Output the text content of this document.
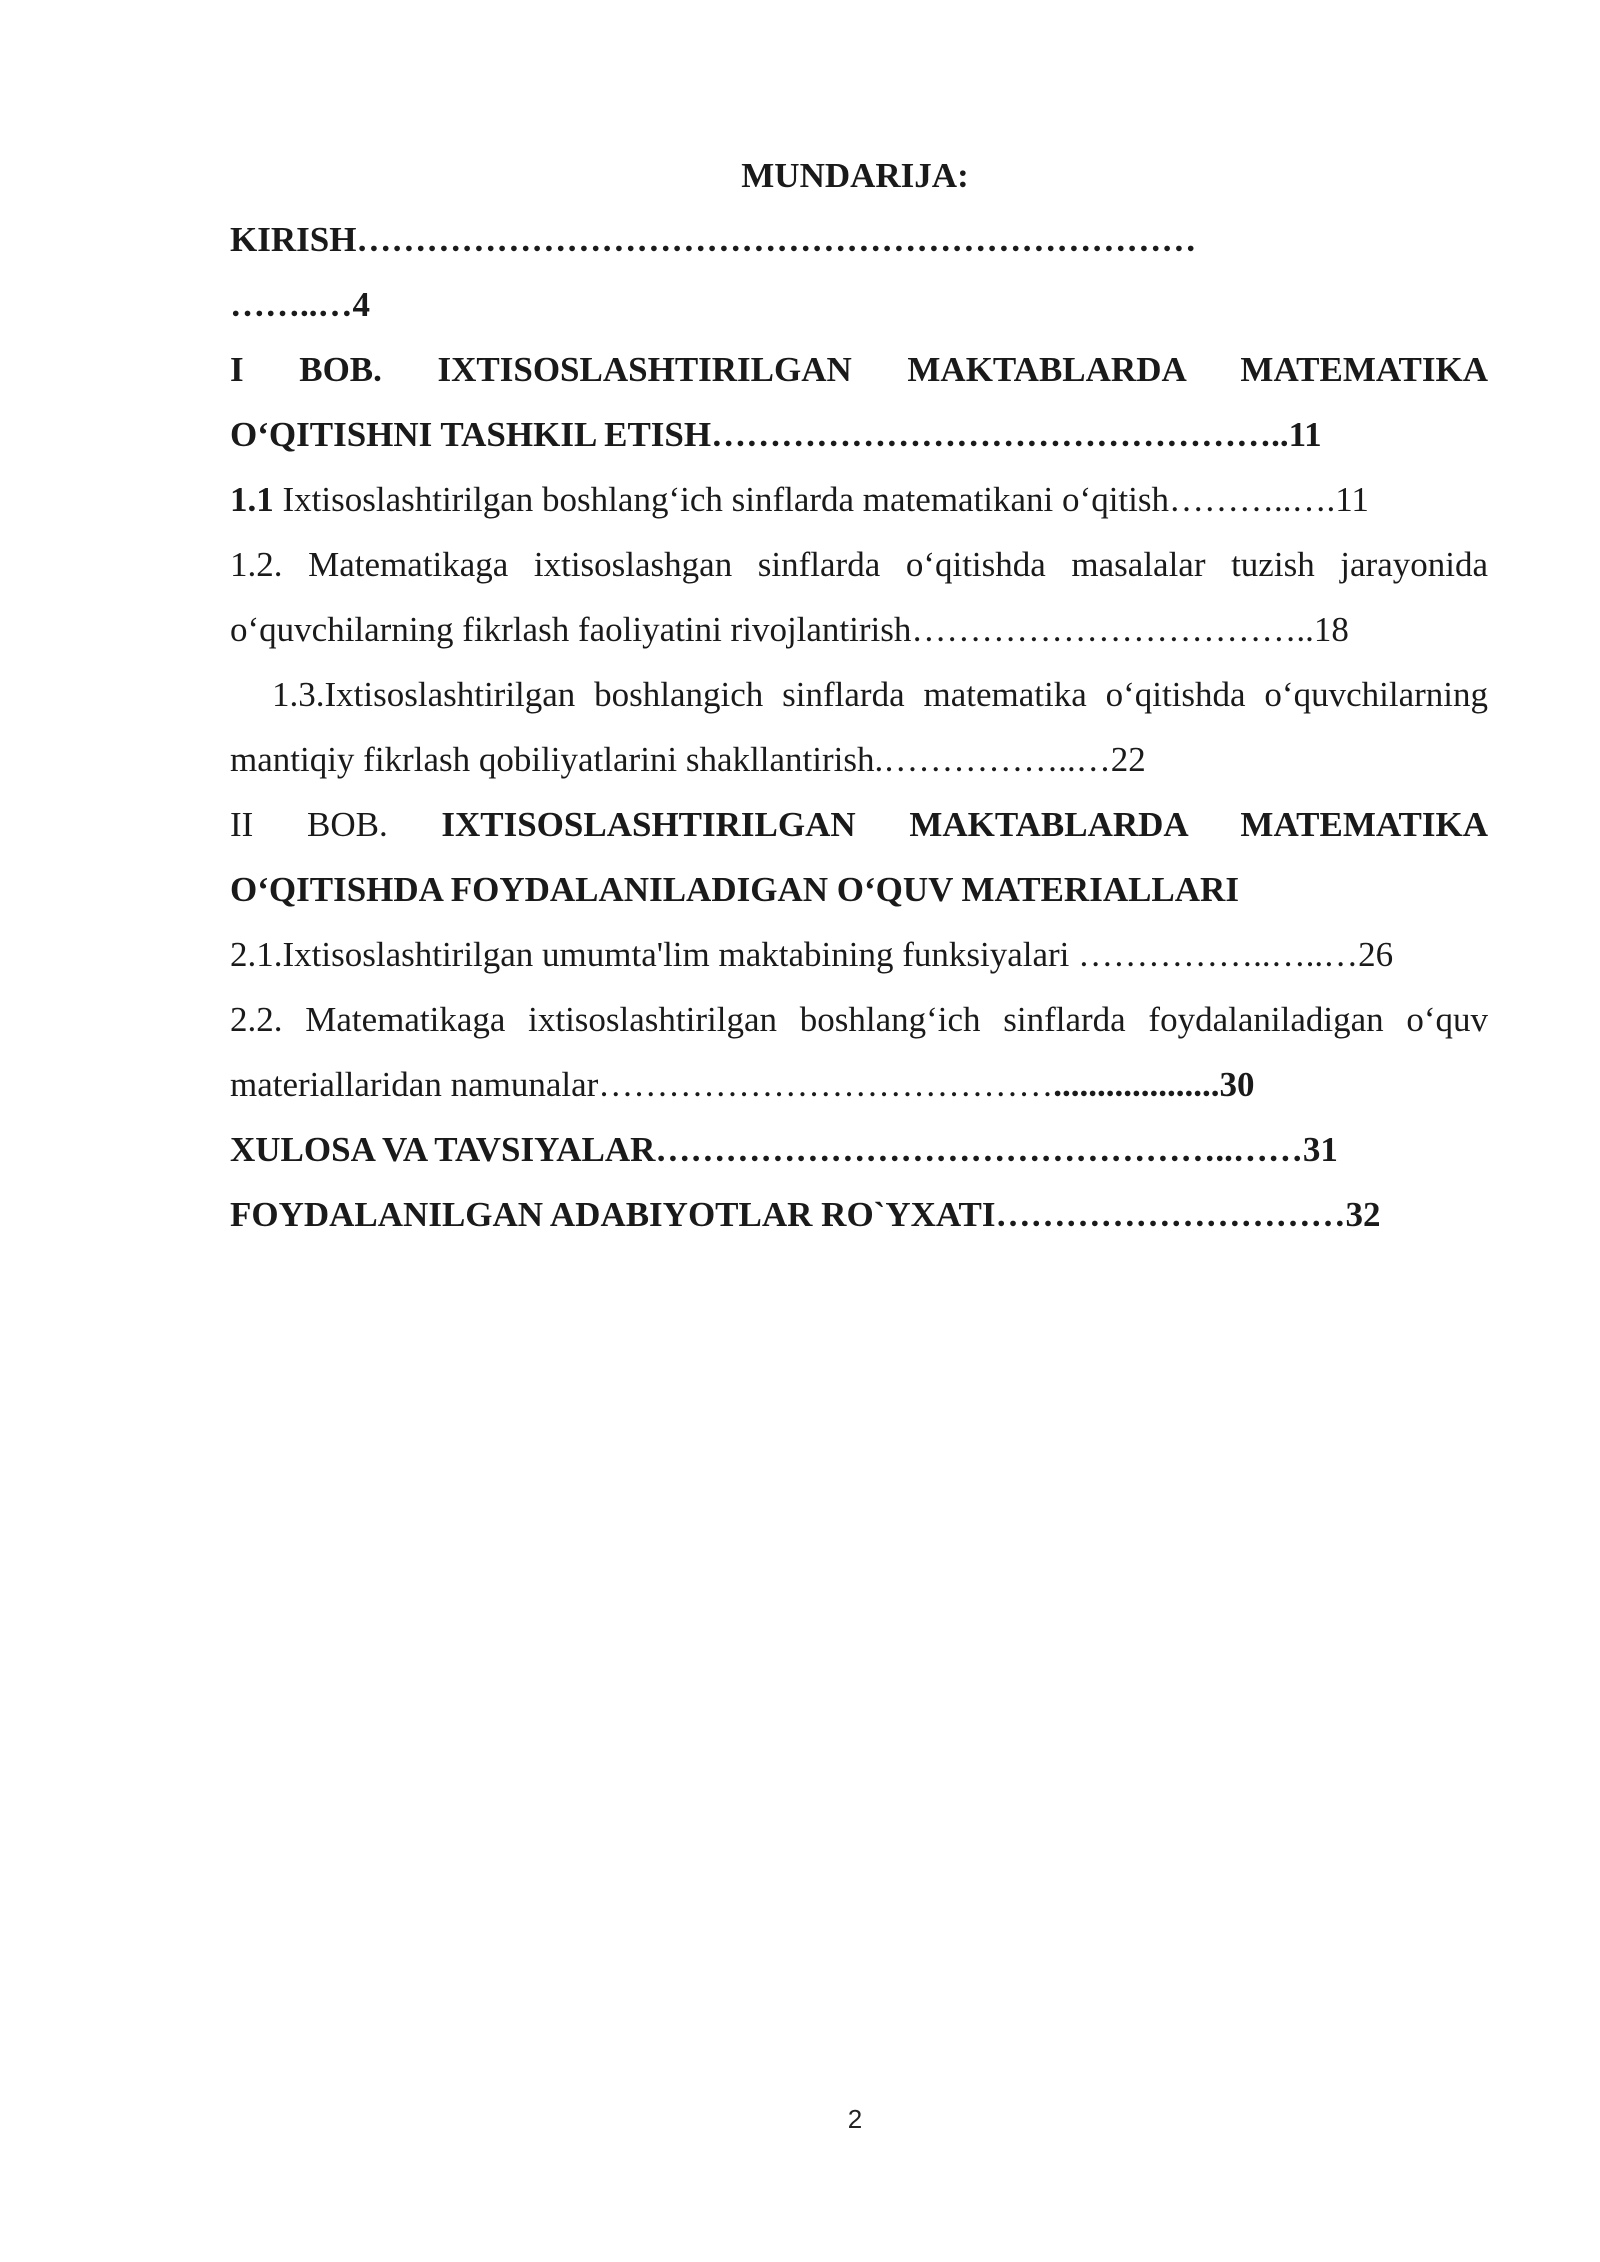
MUNDARIJA:

KIRISH………………………………………………………………

……..…4

I BOB. IXTISOSLASHTIRILGAN MAKTABLARDA MATEMATIKA
O‘QITISHNI TASHKIL ETISH…………………………………………..11

1.1 Ixtisoslashtirilgan boshlang‘ich sinflarda matematikani o‘qitish………..….11

1.2. Matematikaga ixtisoslashgan sinflarda o‘qitishda masalalar tuzish jarayonida o‘quvchilarning fikrlash faoliyatini rivojlantirish……………………………..18

1.3.Ixtisoslashtirilgan boshlangich sinflarda matematika o‘qitishda o‘quvchilarning mantiqiy fikrlash qobiliyatlarini shakllantirish.……………..…22

II BOB. IXTISOSLASHTIRILGAN MAKTABLARDA MATEMATIKA O‘QITISHDA FOYDALANILADIGAN O‘QUV MATERIALLARI

2.1.Ixtisoslashtirilgan umumta'lim maktabining funksiyalari ……………..…..…26

2.2. Matematikaga ixtisoslashtirilgan boshlang‘ich sinflarda foydalaniladigan o‘quv materiallaridan namunalar…………………………………...................30

XULOSA VA TAVSIYALAR…………………………………………..……31

FOYDALANILGAN ADABIYOTLAR RO`YXATI…………………………32

2
